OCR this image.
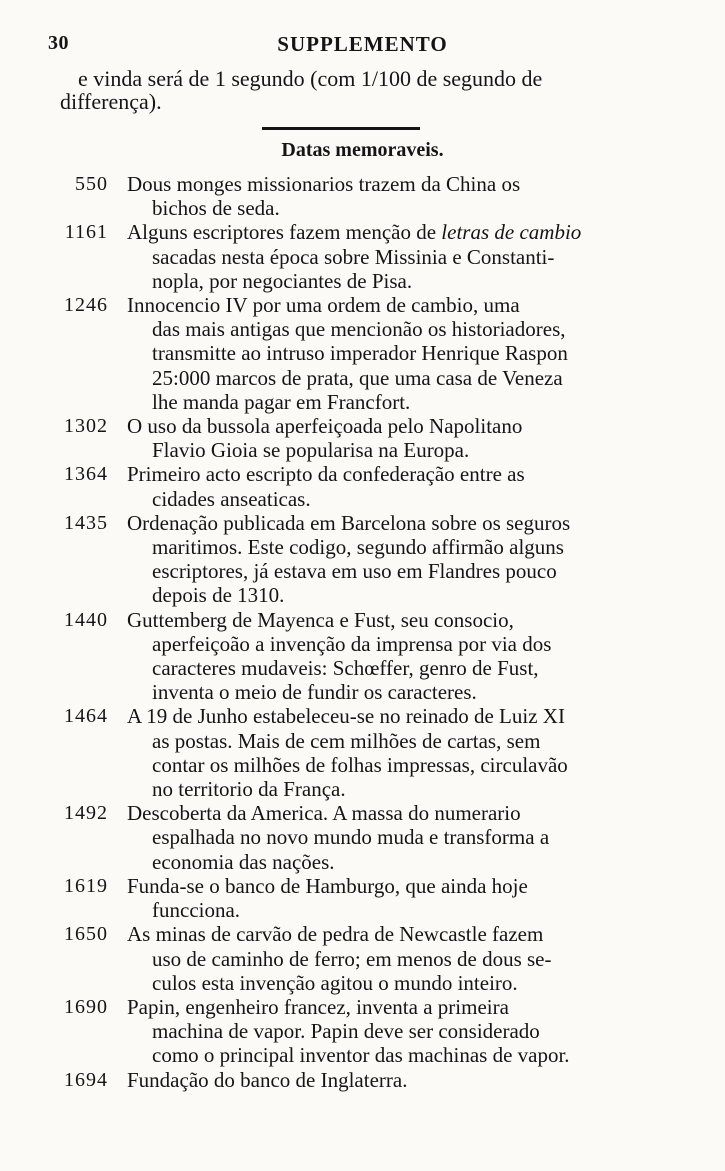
30	SUPPLEMENTO
e vinda será de 1 segundo (com 1/100 de segundo de
differença).
Datas memoraveis.
550 Dous monges missionarios trazem da China os
bichos de seda.
1161 Alguns escriptores fazem menção de letras de cambio
sacadas nesta época sobre Missinia e Constanti-
nopla, por negociantes de Pisa.
1246 Innocencio IV por uma ordem de cambio, uma
das mais antigas que mencionão os historiadores,
transmitte ao intruso imperador Henrique Raspon
25:000 marcos de prata, que uma casa de Veneza
lhe manda pagar em Francfort.
1302 O uso da bussola aperfeiçoada pelo Napolitano
Flavio Gioia se popularisa na Europa.
1364 Primeiro acto escripto da confederação entre as
cidades anseaticas.
1435 Ordenação publicada em Barcelona sobre os seguros
maritimos. Este codigo, segundo affirmão alguns
escriptores, já estava em uso em Flandres pouco
depois de 1310.
1440 Guttemberg de Mayenca e Fust, seu consocio,
aperfeiçoão a invenção da imprensa por via dos
caracteres mudaveis: Schœffer, genro de Fust,
inventa o meio de fundir os caracteres.
1464 A 19 de Junho estabeleceu-se no reinado de Luiz XI
as postas. Mais de cem milhões de cartas, sem
contar os milhões de folhas impressas, circulavão
no territorio da França.
1492 Descoberta da America. A massa do numerario
espalhada no novo mundo muda e transforma a
economia das nações.
1619 Funda-se o banco de Hamburgo, que ainda hoje
funcciona.
1650 As minas de carvão de pedra de Newcastle fazem
uso de caminho de ferro; em menos de dous se-
culos esta invenção agitou o mundo inteiro.
1690 Papin, engenheiro francez, inventa a primeira
machina de vapor. Papin deve ser considerado
como o principal inventor das machinas de vapor.
1694 Fundação do banco de Inglaterra.
